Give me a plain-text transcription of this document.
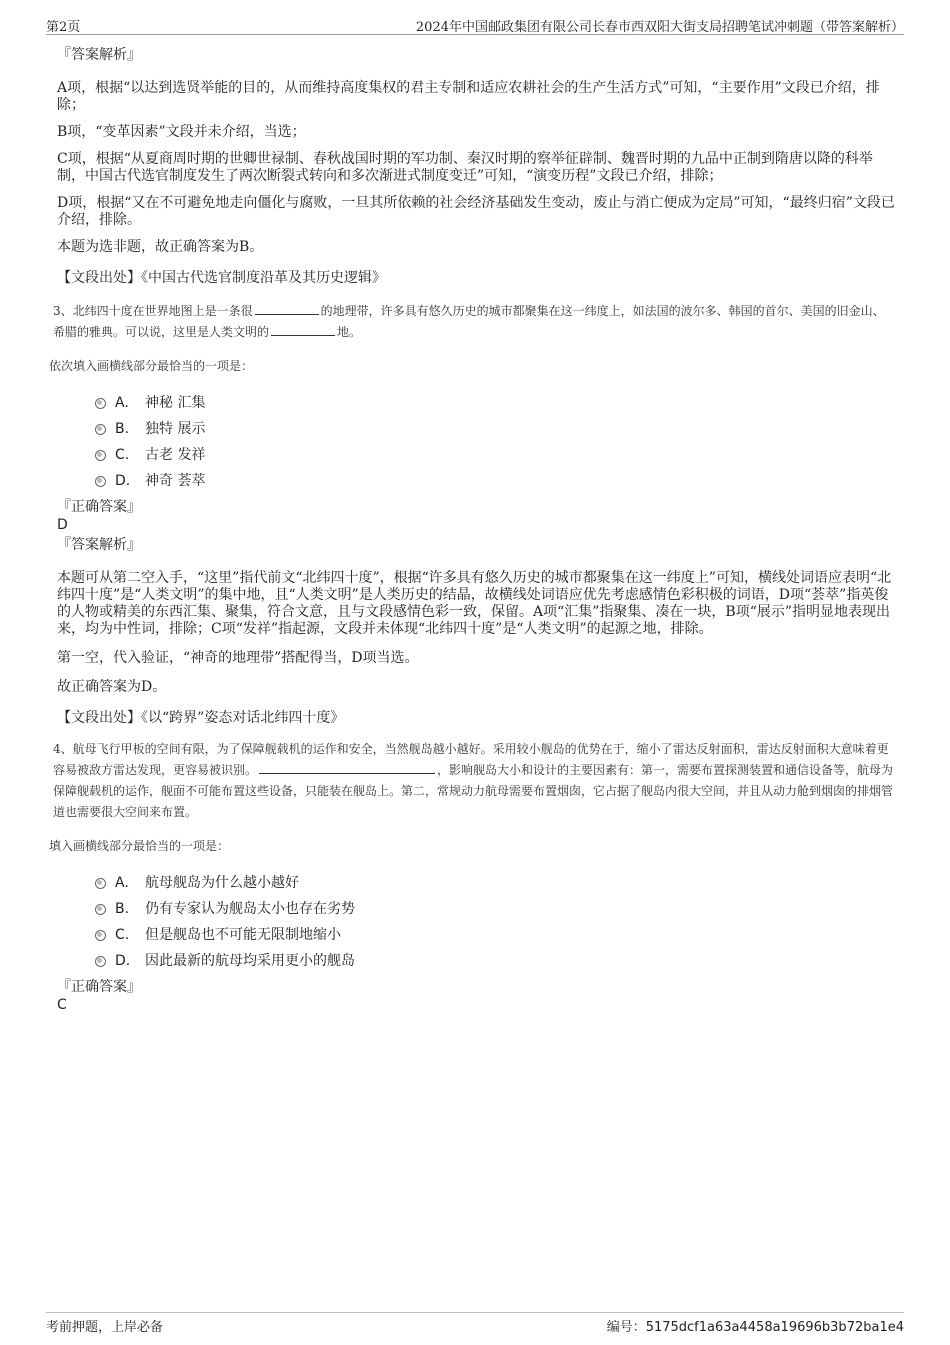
第2页	2024年中国邮政集团有限公司长春市西双阳大街支局招聘笔试冲刺题（带答案解析）
『答案解析』

A项，根据“以达到选贤举能的目的，从而维持高度集权的君主专制和适应农耕社会的生产生活方式”可知，“主要作用”文段已介绍，排除；

B项，“变革因素”文段并未介绍，当选；

C项，根据“从夏商周时期的世卿世禄制、春秋战国时期的军功制、秦汉时期的察举征辟制、魏晋时期的九品中正制到隋唐以降的科举制，中国古代选官制度发生了两次断裂式转向和多次渐进式制度变迁”可知，“演变历程”文段已介绍，排除；

D项，根据“又在不可避免地走向僵化与腐败，一旦其所依赖的社会经济基础发生变动，废止与消亡便成为定局”可知，“最终归宿”文段已介绍，排除。

本题为选非题，故正确答案为B。

【文段出处】《中国古代选官制度沿革及其历史逻辑》

3、北纬四十度在世界地图上是一条很	的地理带，许多具有悠久历史的城市都聚集在这一纬度上，如法国的波尔多、韩国的首尔、美国的旧金山、希腊的雅典。可以说，这里是人类文明的	地。

依次填入画横线部分最恰当的一项是：

A.	神秘 汇集
B.	独特 展示
C.	古老 发祥
D.	神奇 荟萃
『正确答案』
D
『答案解析』

本题可从第二空入手，“这里”指代前文“北纬四十度”，根据“许多具有悠久历史的城市都聚集在这一纬度上”可知，横线处词语应表明“北纬四十度”是“人类文明”的集中地，且“人类文明”是人类历史的结晶，故横线处词语应优先考虑感情色彩积极的词语，D项“荟萃”指英俊的人物或精美的东西汇集、聚集，符合文意，且与文段感情色彩一致，保留。A项“汇集”指聚集、凑在一块，B项“展示”指明显地表现出来，均为中性词，排除；C项“发祥”指起源，文段并未体现“北纬四十度”是“人类文明”的起源之地，排除。

第一空，代入验证，“神奇的地理带”搭配得当，D项当选。

故正确答案为D。

【文段出处】《以“跨界”姿态对话北纬四十度》

4、航母飞行甲板的空间有限，为了保障舰载机的运作和安全，当然舰岛越小越好。采用较小舰岛的优势在于，缩小了雷达反射面积，雷达反射面积大意味着更容易被敌方雷达发现，更容易被识别。	，影响舰岛大小和设计的主要因素有：第一，需要布置探测装置和通信设备等，航母为保障舰载机的运作，舰面不可能布置这些设备，只能装在舰岛上。第二，常规动力航母需要布置烟囱，它占据了舰岛内很大空间，并且从动力舱到烟囱的排烟管道也需要很大空间来布置。

填入画横线部分最恰当的一项是：

A.	航母舰岛为什么越小越好
B.	仍有专家认为舰岛太小也存在劣势
C.	但是舰岛也不可能无限制地缩小
D.	因此最新的航母均采用更小的舰岛
『正确答案』
C
考前押题，上岸必备	编号：5175dcf1a63a4458a19696b3b72ba1e4
